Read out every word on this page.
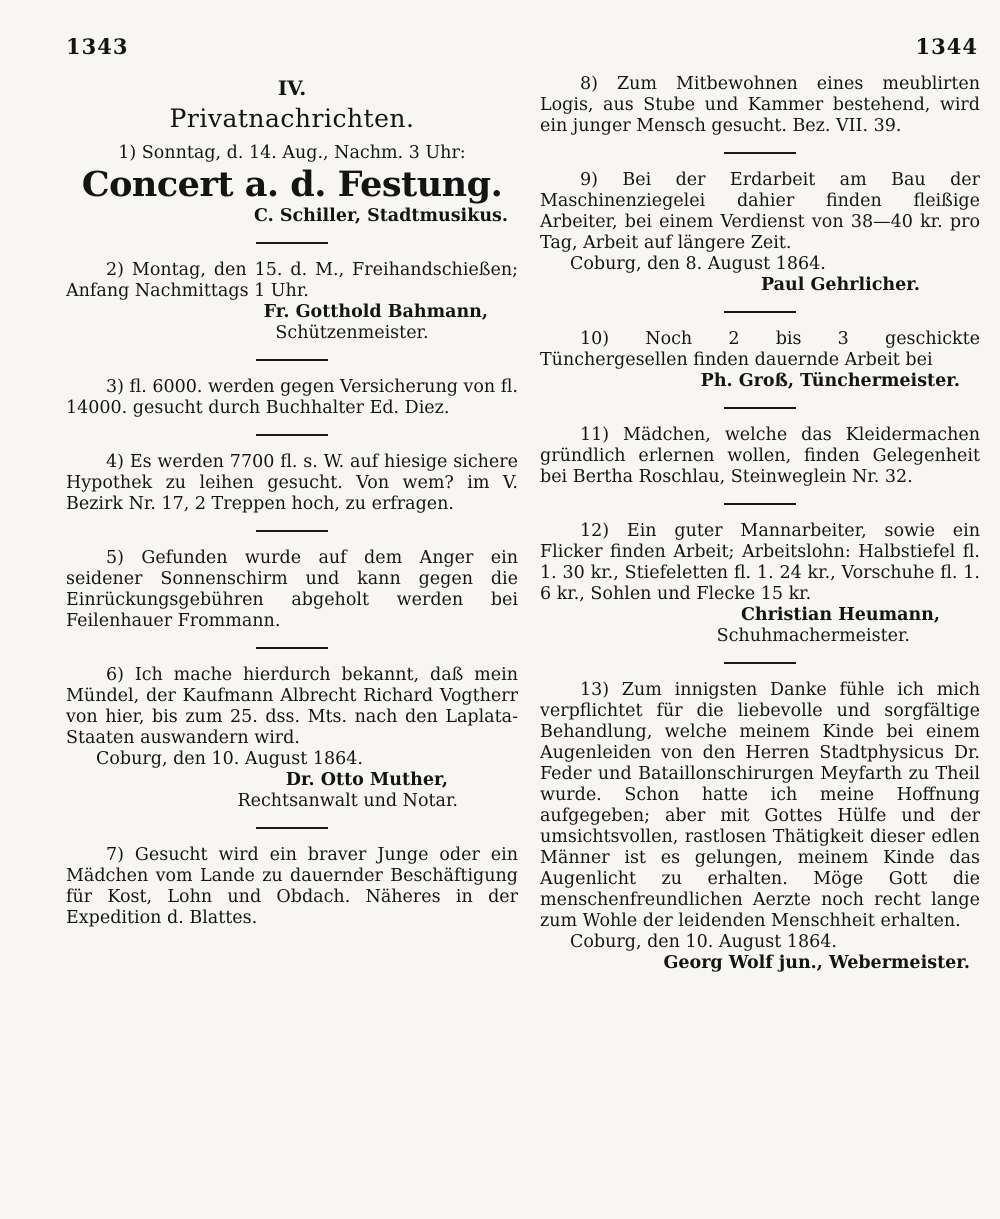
1343	1344
IV.
Privatnachrichten.

1) Sonntag, d. 14. Aug., Nachm. 3 Uhr:

Concert a. d. Festung.

C. Schiller, Stadtmusikus.

2) Montag, den 15. d. M., Freihandschießen; Anfang Nachmittags 1 Uhr.

Fr. Gotthold Bahmann,

Schützenmeister.

3) fl. 6000. werden gegen Versicherung von fl. 14000. gesucht durch Buchhalter Ed. Diez.

4) Es werden 7700 fl. s. W. auf hiesige sichere Hypothek zu leihen gesucht. Von wem? im V. Bezirk Nr. 17, 2 Treppen hoch, zu erfragen.

5) Gefunden wurde auf dem Anger ein seidener Sonnenschirm und kann gegen die Einrückungsgebühren abgeholt werden bei Feilenhauer Frommann.

6) Ich mache hierdurch bekannt, daß mein Mündel, der Kaufmann Albrecht Richard Vogtherr von hier, bis zum 25. dss. Mts. nach den Laplata-Staaten auswandern wird.

Coburg, den 10. August 1864.

Dr. Otto Muther,

Rechtsanwalt und Notar.

7) Gesucht wird ein braver Junge oder ein Mädchen vom Lande zu dauernder Beschäftigung für Kost, Lohn und Obdach. Näheres in der Expedition d. Blattes.

8) Zum Mitbewohnen eines meublirten Logis, aus Stube und Kammer bestehend, wird ein junger Mensch gesucht. Bez. VII. 39.

9) Bei der Erdarbeit am Bau der Maschinenziegelei dahier finden fleißige Arbeiter, bei einem Verdienst von 38—40 kr. pro Tag, Arbeit auf längere Zeit.

Coburg, den 8. August 1864.

Paul Gehrlicher.

10) Noch 2 bis 3 geschickte Tünchergesellen finden dauernde Arbeit bei

Ph. Groß, Tünchermeister.

11) Mädchen, welche das Kleidermachen gründlich erlernen wollen, finden Gelegenheit bei Bertha Roschlau, Steinweglein Nr. 32.

12) Ein guter Mannarbeiter, sowie ein Flicker finden Arbeit; Arbeitslohn: Halbstiefel fl. 1. 30 kr., Stiefeletten fl. 1. 24 kr., Vorschuhe fl. 1. 6 kr., Sohlen und Flecke 15 kr.

Christian Heumann,

Schuhmachermeister.

13) Zum innigsten Danke fühle ich mich verpflichtet für die liebevolle und sorgfältige Behandlung, welche meinem Kinde bei einem Augenleiden von den Herren Stadtphysicus Dr. Feder und Bataillonschirurgen Meyfarth zu Theil wurde. Schon hatte ich meine Hoffnung aufgegeben; aber mit Gottes Hülfe und der umsichtsvollen, rastlosen Thätigkeit dieser edlen Männer ist es gelungen, meinem Kinde das Augenlicht zu erhalten. Möge Gott die menschenfreundlichen Aerzte noch recht lange zum Wohle der leidenden Menschheit erhalten.

Coburg, den 10. August 1864.

Georg Wolf jun., Webermeister.
